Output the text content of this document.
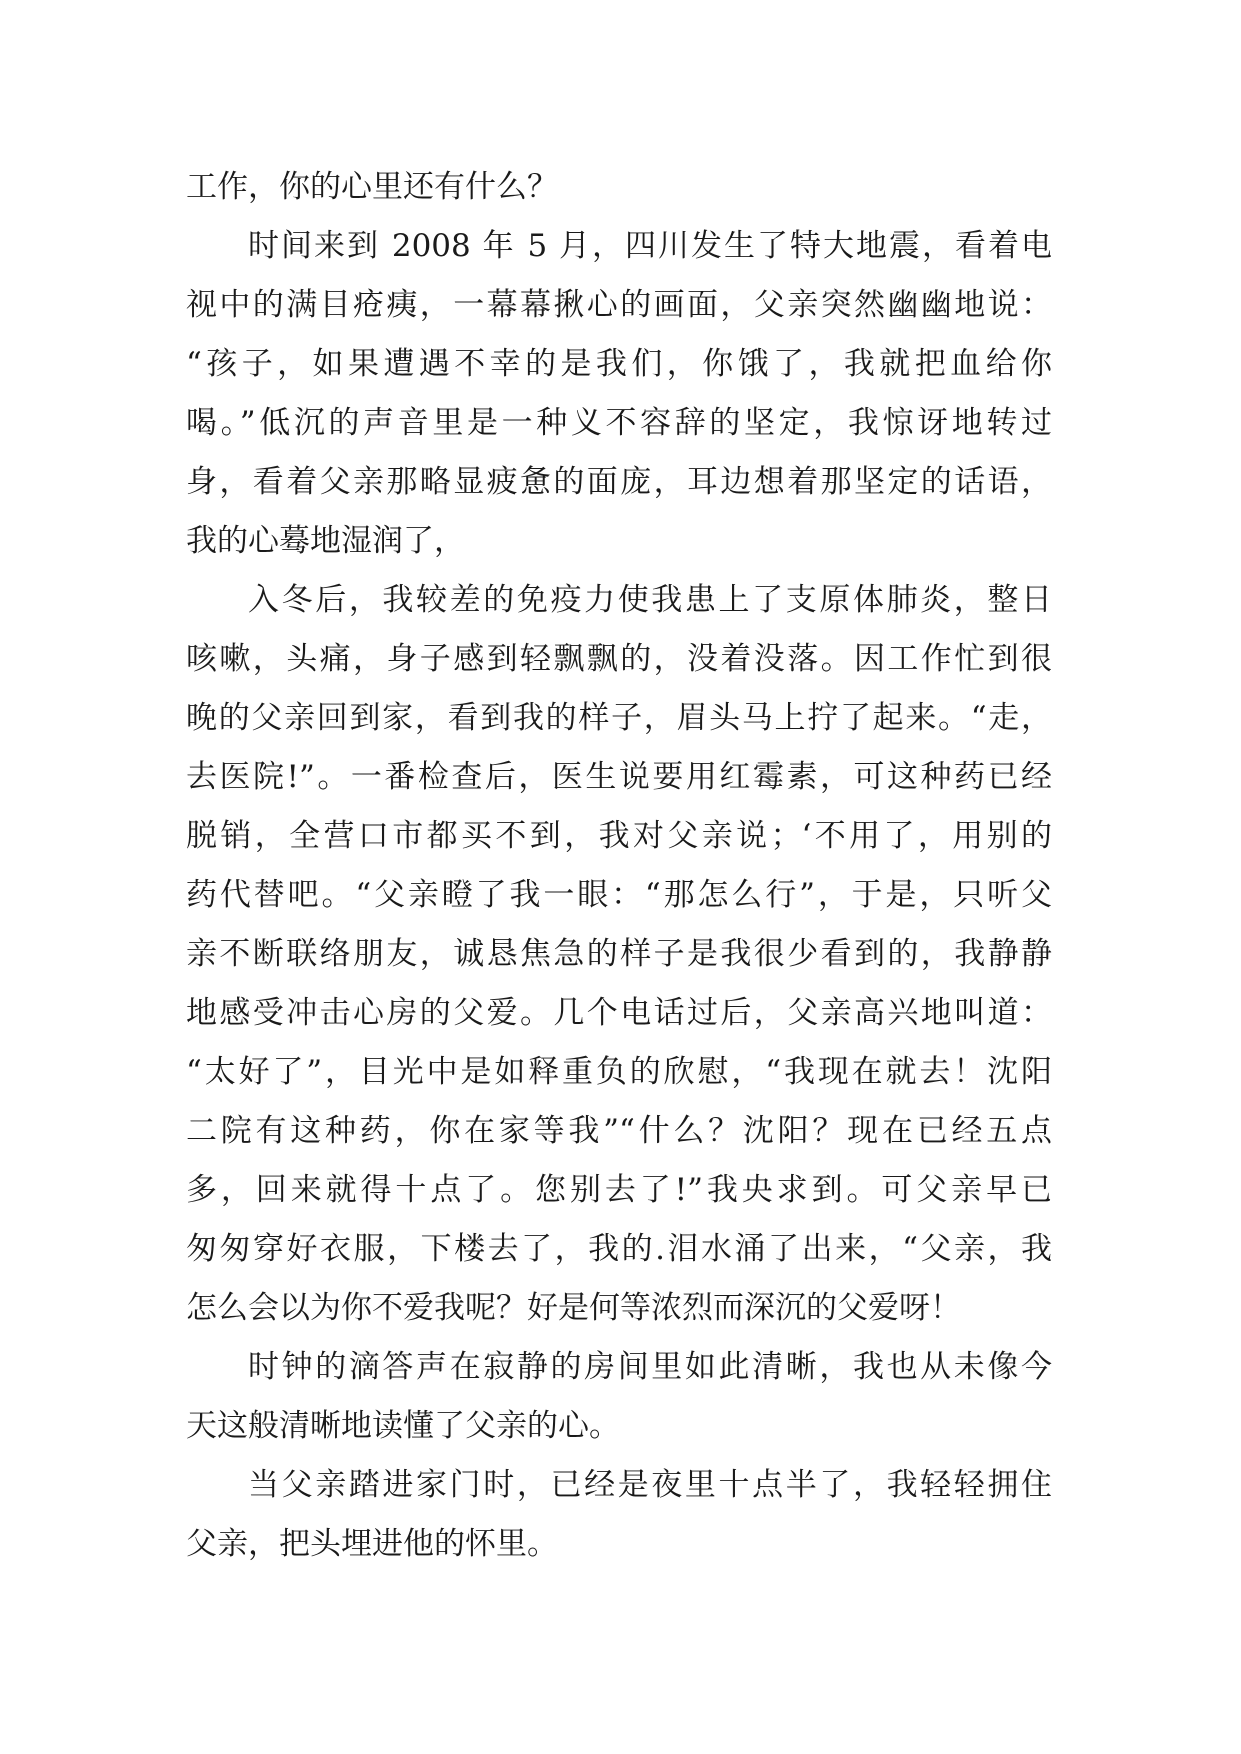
工作，你的心里还有什么？
时间来到 2008 年 5 月，四川发生了特大地震，看着电
视中的满目疮痍，一幕幕揪心的画面，父亲突然幽幽地说：
“孩子，如果遭遇不幸的是我们，你饿了，我就把血给你
喝。”低沉的声音里是一种义不容辞的坚定，我惊讶地转过
身，看着父亲那略显疲惫的面庞，耳边想着那坚定的话语，
我的心蓦地湿润了，
入冬后，我较差的免疫力使我患上了支原体肺炎，整日
咳嗽，头痛，身子感到轻飘飘的，没着没落。因工作忙到很
晚的父亲回到家，看到我的样子，眉头马上拧了起来。“走，
去医院!”。一番检查后，医生说要用红霉素，可这种药已经
脱销，全营口市都买不到，我对父亲说；‘不用了，用别的
药代替吧。“父亲瞪了我一眼：“那怎么行”，于是，只听父
亲不断联络朋友，诚恳焦急的样子是我很少看到的，我静静
地感受冲击心房的父爱。几个电话过后，父亲高兴地叫道：
“太好了”，目光中是如释重负的欣慰，“我现在就去！沈阳
二院有这种药，你在家等我”“什么？沈阳？现在已经五点
多，回来就得十点了。您别去了!”我央求到。可父亲早已
匆匆穿好衣服，下楼去了，我的.泪水涌了出来，“父亲，我
怎么会以为你不爱我呢？好是何等浓烈而深沉的父爱呀！
时钟的滴答声在寂静的房间里如此清晰，我也从未像今
天这般清晰地读懂了父亲的心。
当父亲踏进家门时，已经是夜里十点半了，我轻轻拥住
父亲，把头埋进他的怀里。
